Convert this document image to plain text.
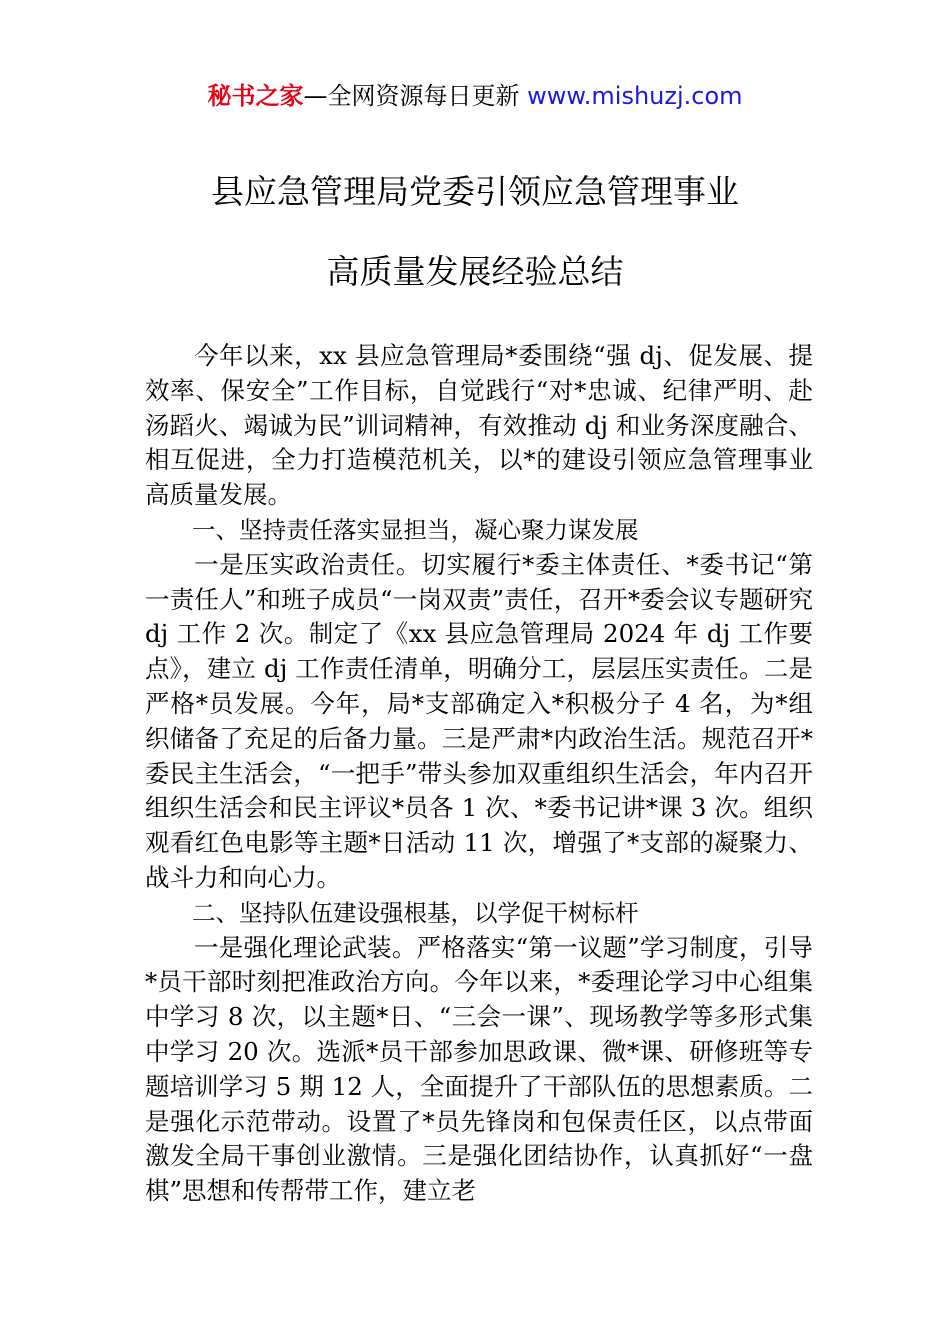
秘书之家—全网资源每日更新 www.mishuzj.com
县应急管理局党委引领应急管理事业
高质量发展经验总结

今年以来，xx 县应急管理局*委围绕“强 dj、促发展、提效率、保安全”工作目标，自觉践行“对*忠诚、纪律严明、赴汤蹈火、竭诚为民”训词精神，有效推动 dj 和业务深度融合、相互促进，全力打造模范机关，以*的建设引领应急管理事业高质量发展。

一、坚持责任落实显担当，凝心聚力谋发展

一是压实政治责任。切实履行*委主体责任、*委书记“第一责任人”和班子成员“一岗双责”责任，召开*委会议专题研究 dj 工作 2 次。制定了《xx 县应急管理局 2024 年 dj 工作要点》，建立 dj 工作责任清单，明确分工，层层压实责任。二是严格*员发展。今年，局*支部确定入*积极分子 4 名，为*组织储备了充足的后备力量。三是严肃*内政治生活。规范召开*委民主生活会，“一把手”带头参加双重组织生活会，年内召开组织生活会和民主评议*员各 1 次、*委书记讲*课 3 次。组织观看红色电影等主题*日活动 11 次，增强了*支部的凝聚力、战斗力和向心力。

二、坚持队伍建设强根基，以学促干树标杆

一是强化理论武装。严格落实“第一议题”学习制度，引导*员干部时刻把准政治方向。今年以来，*委理论学习中心组集中学习 8 次，以主题*日、“三会一课”、现场教学等多形式集中学习 20 次。选派*员干部参加思政课、微*课、研修班等专题培训学习 5 期 12 人，全面提升了干部队伍的思想素质。二是强化示范带动。设置了*员先锋岗和包保责任区，以点带面激发全局干事创业激情。三是强化团结协作，认真抓好“一盘棋”思想和传帮带工作，建立老
